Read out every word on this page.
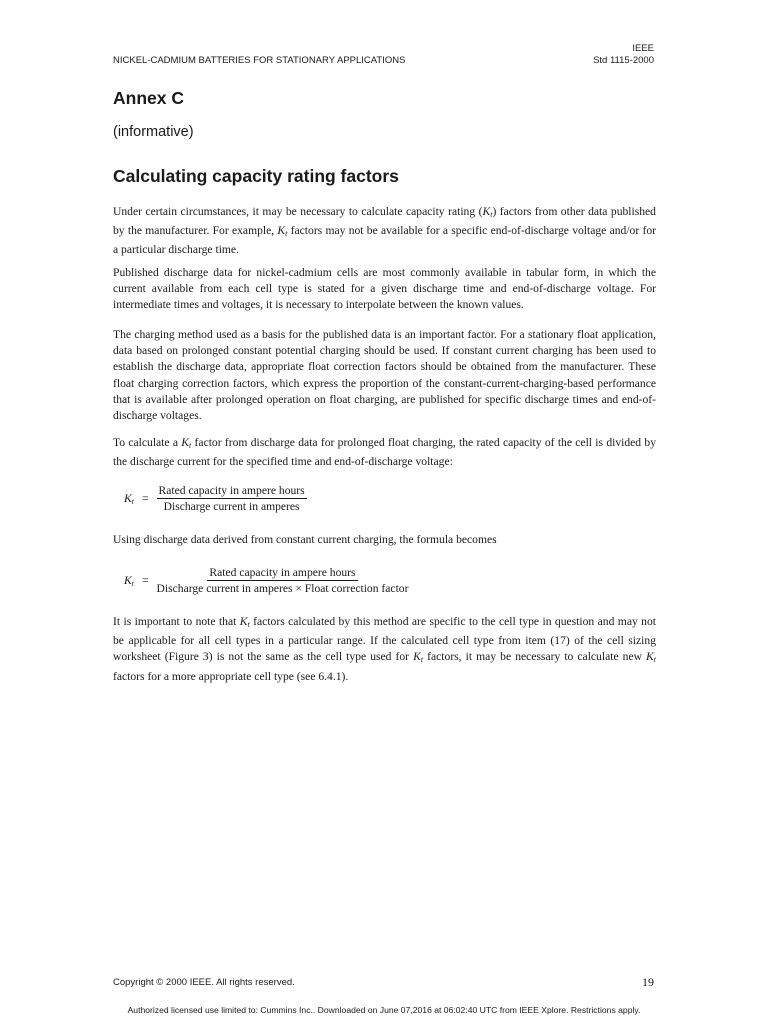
NICKEL-CADMIUM BATTERIES FOR STATIONARY APPLICATIONS
IEEE
Std 1115-2000
Annex C
(informative)
Calculating capacity rating factors

Under certain circumstances, it may be necessary to calculate capacity rating $(K_t)$ factors from other data published by the manufacturer. For example, $K_t$ factors may not be available for a specific end-of-discharge voltage and/or for a particular discharge time.

Published discharge data for nickel-cadmium cells are most commonly available in tabular form, in which the current available from each cell type is stated for a given discharge time and end-of-discharge voltage. For intermediate times and voltages, it is necessary to interpolate between the known values.

The charging method used as a basis for the published data is an important factor. For a stationary float application, data based on prolonged constant potential charging should be used. If constant current charging has been used to establish the discharge data, appropriate float correction factors should be obtained from the manufacturer. These float charging correction factors, which express the proportion of the constant-current-charging-based performance that is available after prolonged operation on float charging, are published for specific discharge times and end-of-discharge voltages.

To calculate a $K_t$ factor from discharge data for prolonged float charging, the rated capacity of the cell is divided by the discharge current for the specified time and end-of-discharge voltage:

$K_t = \frac{\text{Rated capacity in ampere hours}}{\text{Discharge current in amperes}}$

Using discharge data derived from constant current charging, the formula becomes

$K_t = \frac{\text{Rated capacity in ampere hours}}{\text{Discharge current in amperes × Float correction factor}}$

It is important to note that $K_t$ factors calculated by this method are specific to the cell type in question and may not be applicable for all cell types in a particular range. If the calculated cell type from item (17) of the cell sizing worksheet (Figure 3) is not the same as the cell type used for $K_t$ factors, it may be necessary to calculate new $K_t$ factors for a more appropriate cell type (see 6.4.1).

Copyright © 2000 IEEE. All rights reserved.	19
Authorized licensed use limited to: Cummins Inc.. Downloaded on June 07,2016 at 06:02:40 UTC from IEEE Xplore. Restrictions apply.
